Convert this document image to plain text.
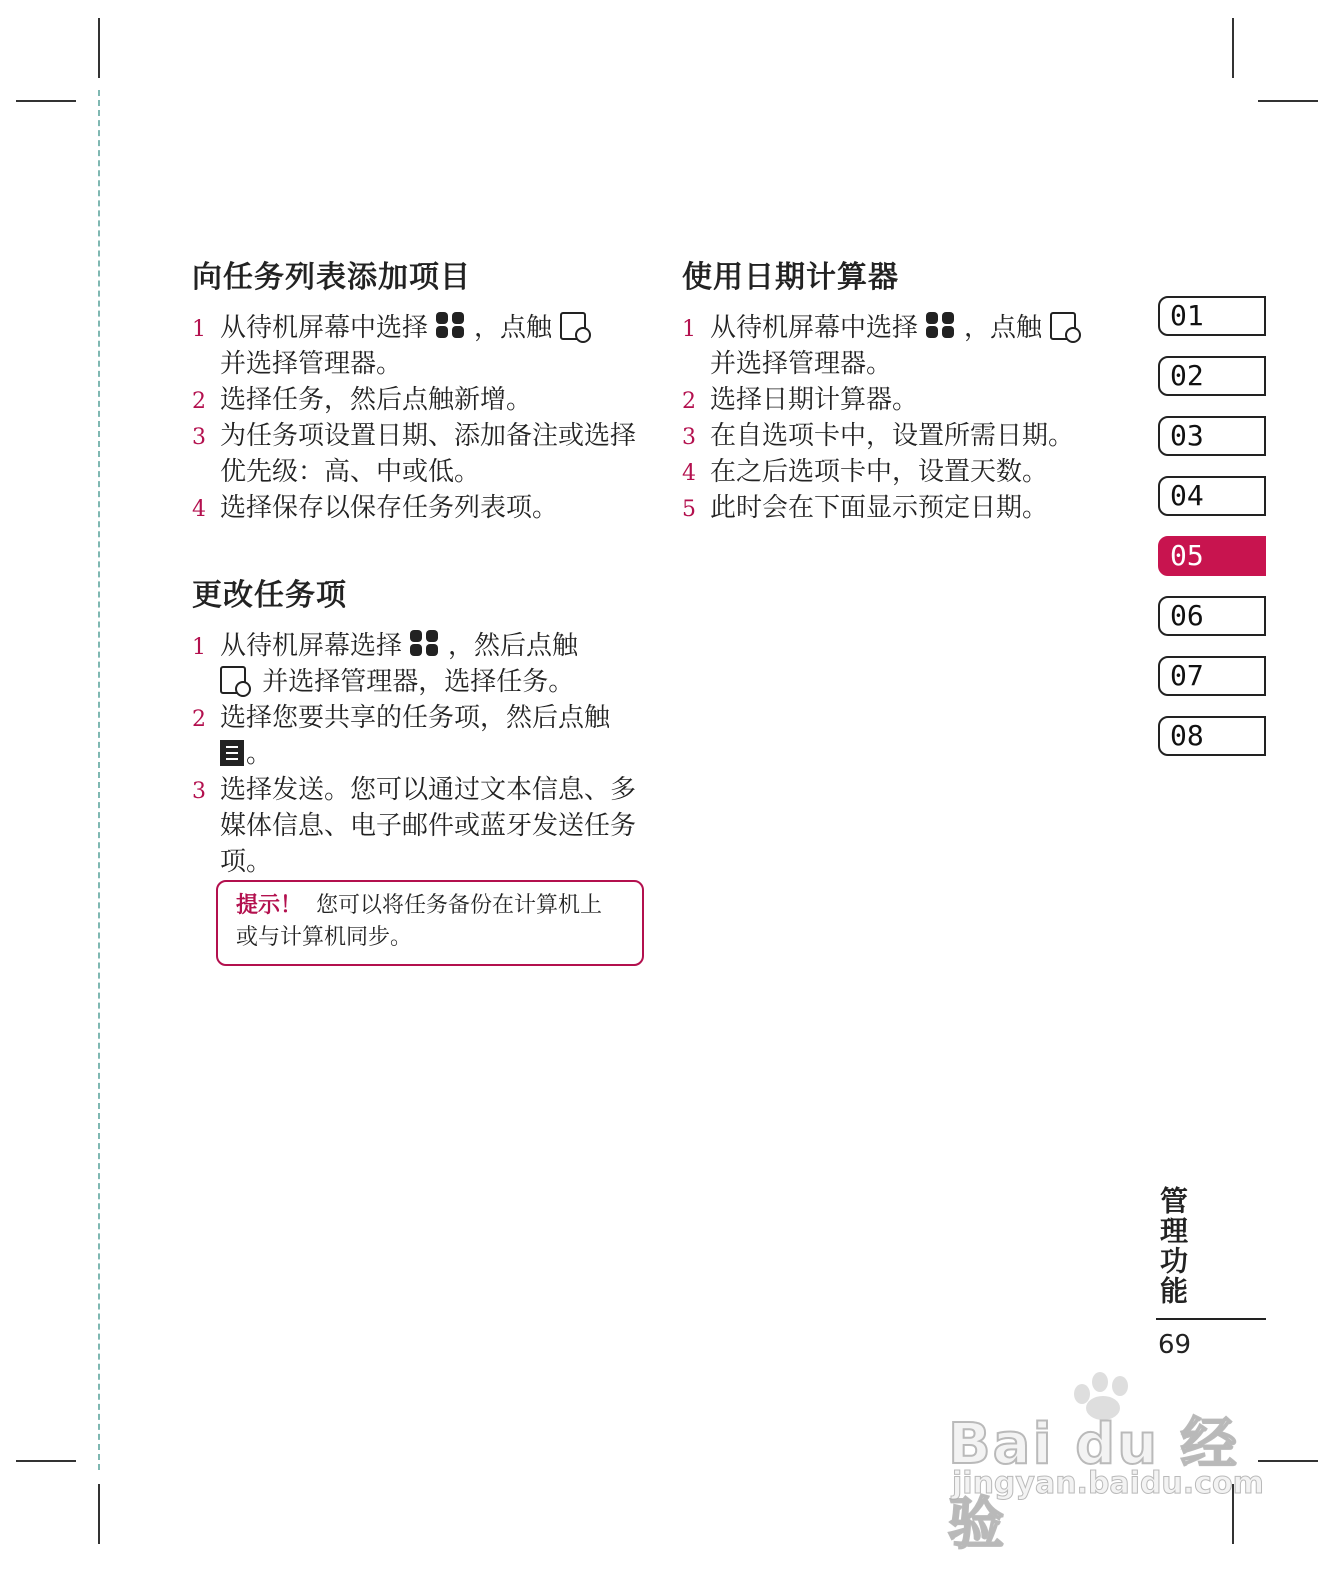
向任务列表添加项目
1 从待机屏幕中选择 ，点触
并选择管理器。
2 选择任务，然后点触新增。
3 为任务项设置日期、添加备注或选择优先级：高、中或低。
4 选择保存以保存任务列表项。
更改任务项
1 从待机屏幕选择 ，然后点触
并选择管理器，选择任务。
2 选择您要共享的任务项，然后点触
。
3 选择发送。您可以通过文本信息、多媒体信息、电子邮件或蓝牙发送任务项。
提示！ 您可以将任务备份在计算机上或与计算机同步。
使用日期计算器
1 从待机屏幕中选择 ，点触
并选择管理器。
2 选择日期计算器。
3 在自选项卡中，设置所需日期。
4 在之后选项卡中，设置天数。
5 此时会在下面显示预定日期。
01
02
03
04
05
06
07
08
管理功能
69
Bai du 经验
jingyan.baidu.com
